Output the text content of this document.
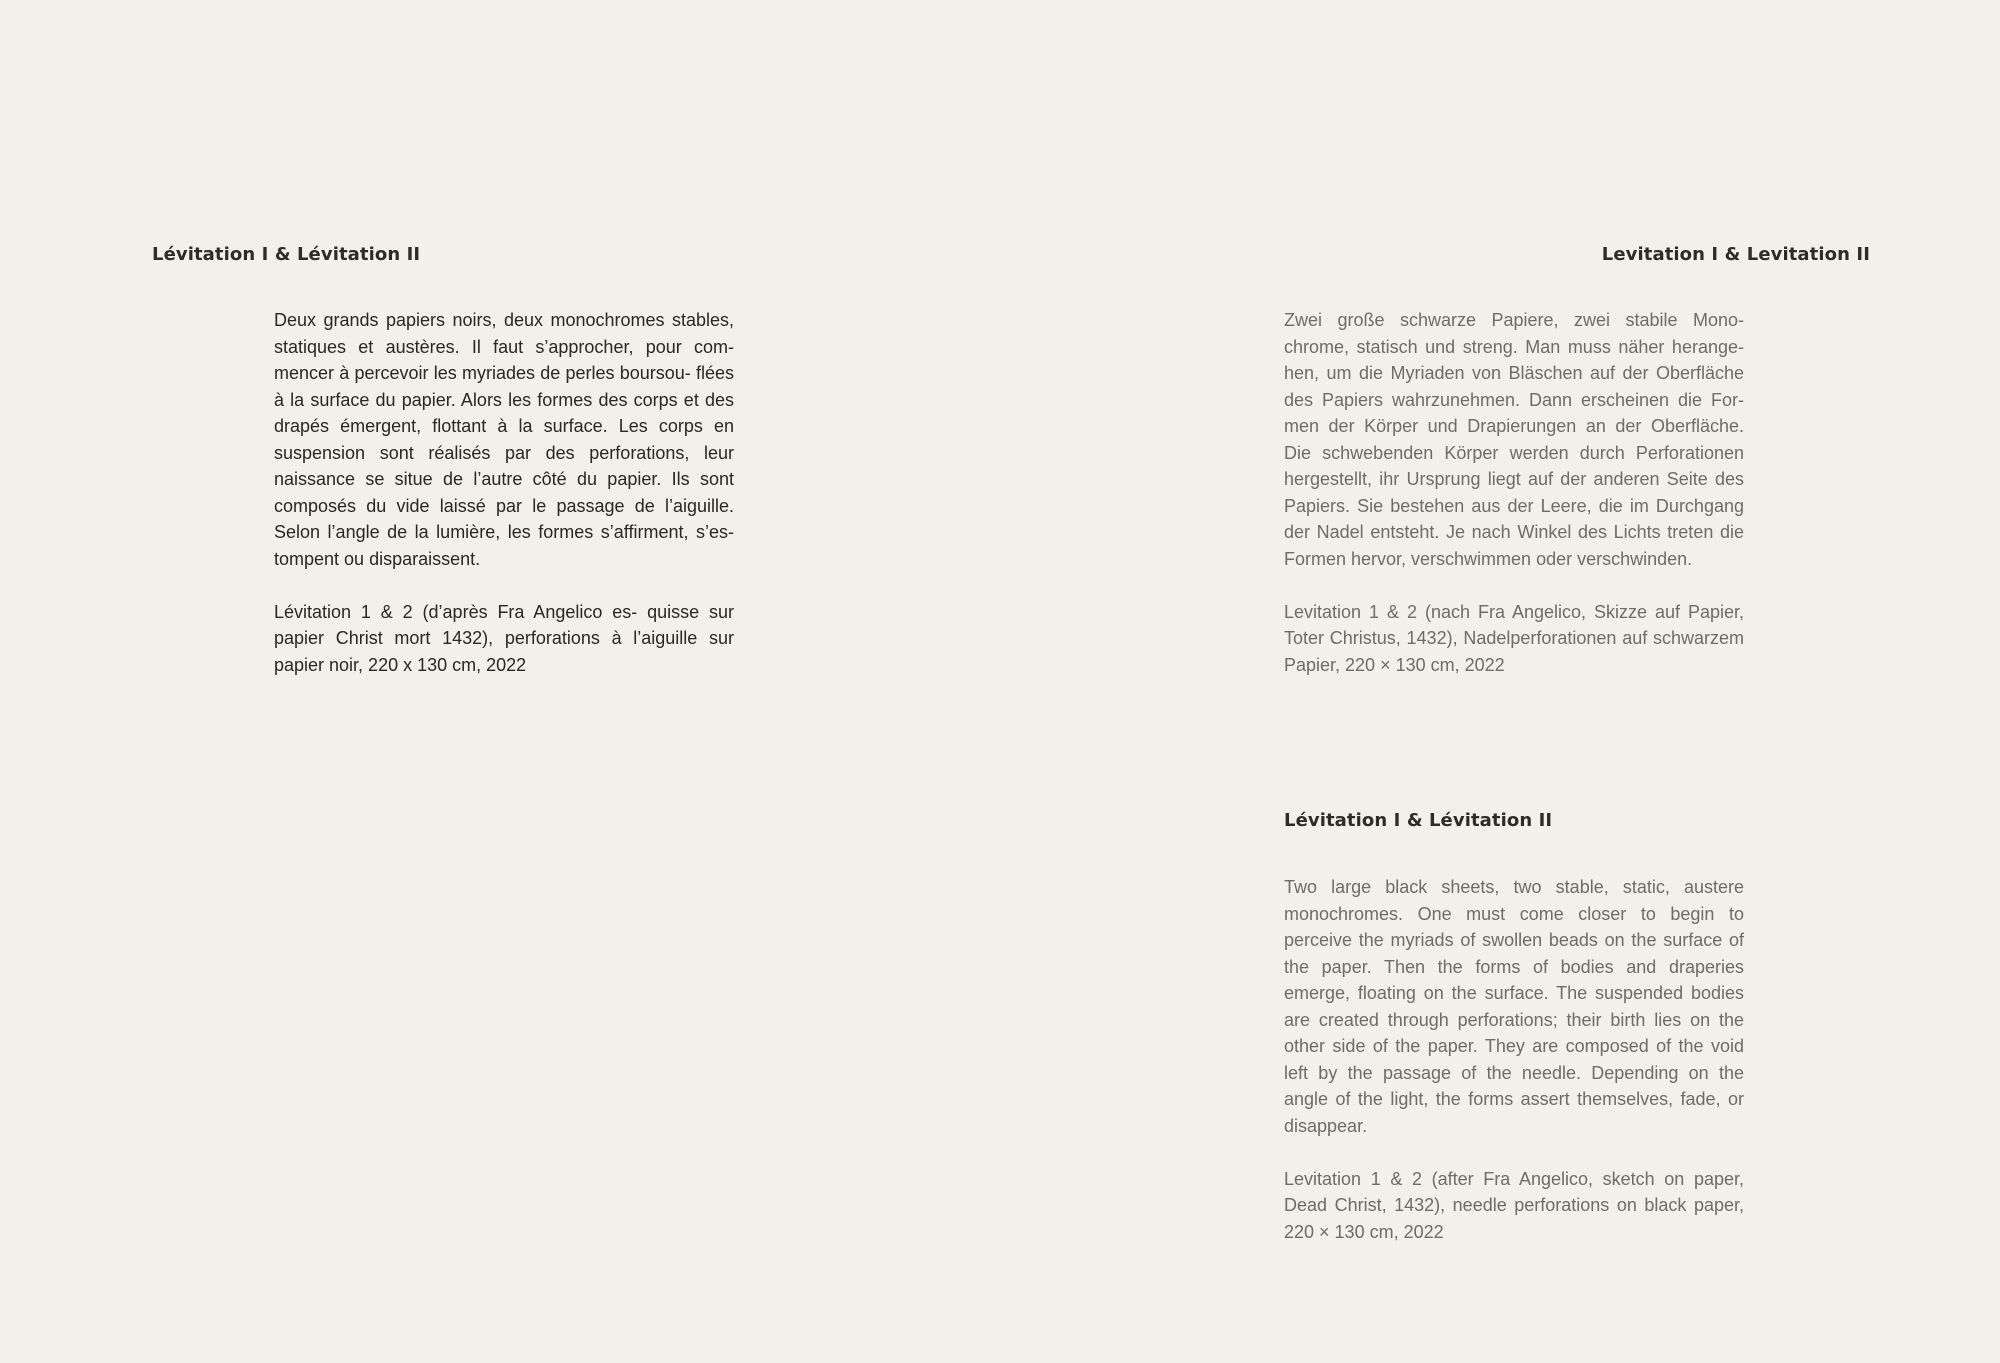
Lévitation I & Lévitation II

Deux grands papiers noirs, deux monochromes stables, statiques et austères. Il faut s’approcher, pour com- mencer à percevoir les myriades de perles boursou- flées à la surface du papier. Alors les formes des corps et des drapés émergent, flottant à la surface. Les corps en suspension sont réalisés par des perforations, leur naissance se situe de l’autre côté du papier. Ils sont composés du vide laissé par le passage de l’aiguille. Selon l’angle de la lumière, les formes s’affirment, s’es- tompent ou disparaissent.

Lévitation 1 & 2 (d’après Fra Angelico es- quisse sur papier Christ mort 1432), perforations à l’aiguille sur papier noir, 220 x 130 cm, 2022

Levitation I & Levitation II

Zwei große schwarze Papiere, zwei stabile Mono- chrome, statisch und streng. Man muss näher herange- hen, um die Myriaden von Bläschen auf der Oberfläche des Papiers wahrzunehmen. Dann erscheinen die For- men der Körper und Drapierungen an der Oberfläche. Die schwebenden Körper werden durch Perforationen hergestellt, ihr Ursprung liegt auf der anderen Seite des Papiers. Sie bestehen aus der Leere, die im Durchgang der Nadel entsteht. Je nach Winkel des Lichts treten die Formen hervor, verschwimmen oder verschwinden.

Levitation 1 & 2 (nach Fra Angelico, Skizze auf Papier, Toter Christus, 1432), Nadelperforationen auf schwarzem Papier, 220 × 130 cm, 2022

Lévitation I & Lévitation II

Two large black sheets, two stable, static, austere monochromes. One must come closer to begin to perceive the myriads of swollen beads on the surface of the paper. Then the forms of bodies and draperies emerge, floating on the surface. The suspended bodies are created through perforations; their birth lies on the other side of the paper. They are composed of the void left by the passage of the needle. Depending on the angle of the light, the forms assert themselves, fade, or disappear.

Levitation 1 & 2 (after Fra Angelico, sketch on paper, Dead Christ, 1432), needle perforations on black paper, 220 × 130 cm, 2022
